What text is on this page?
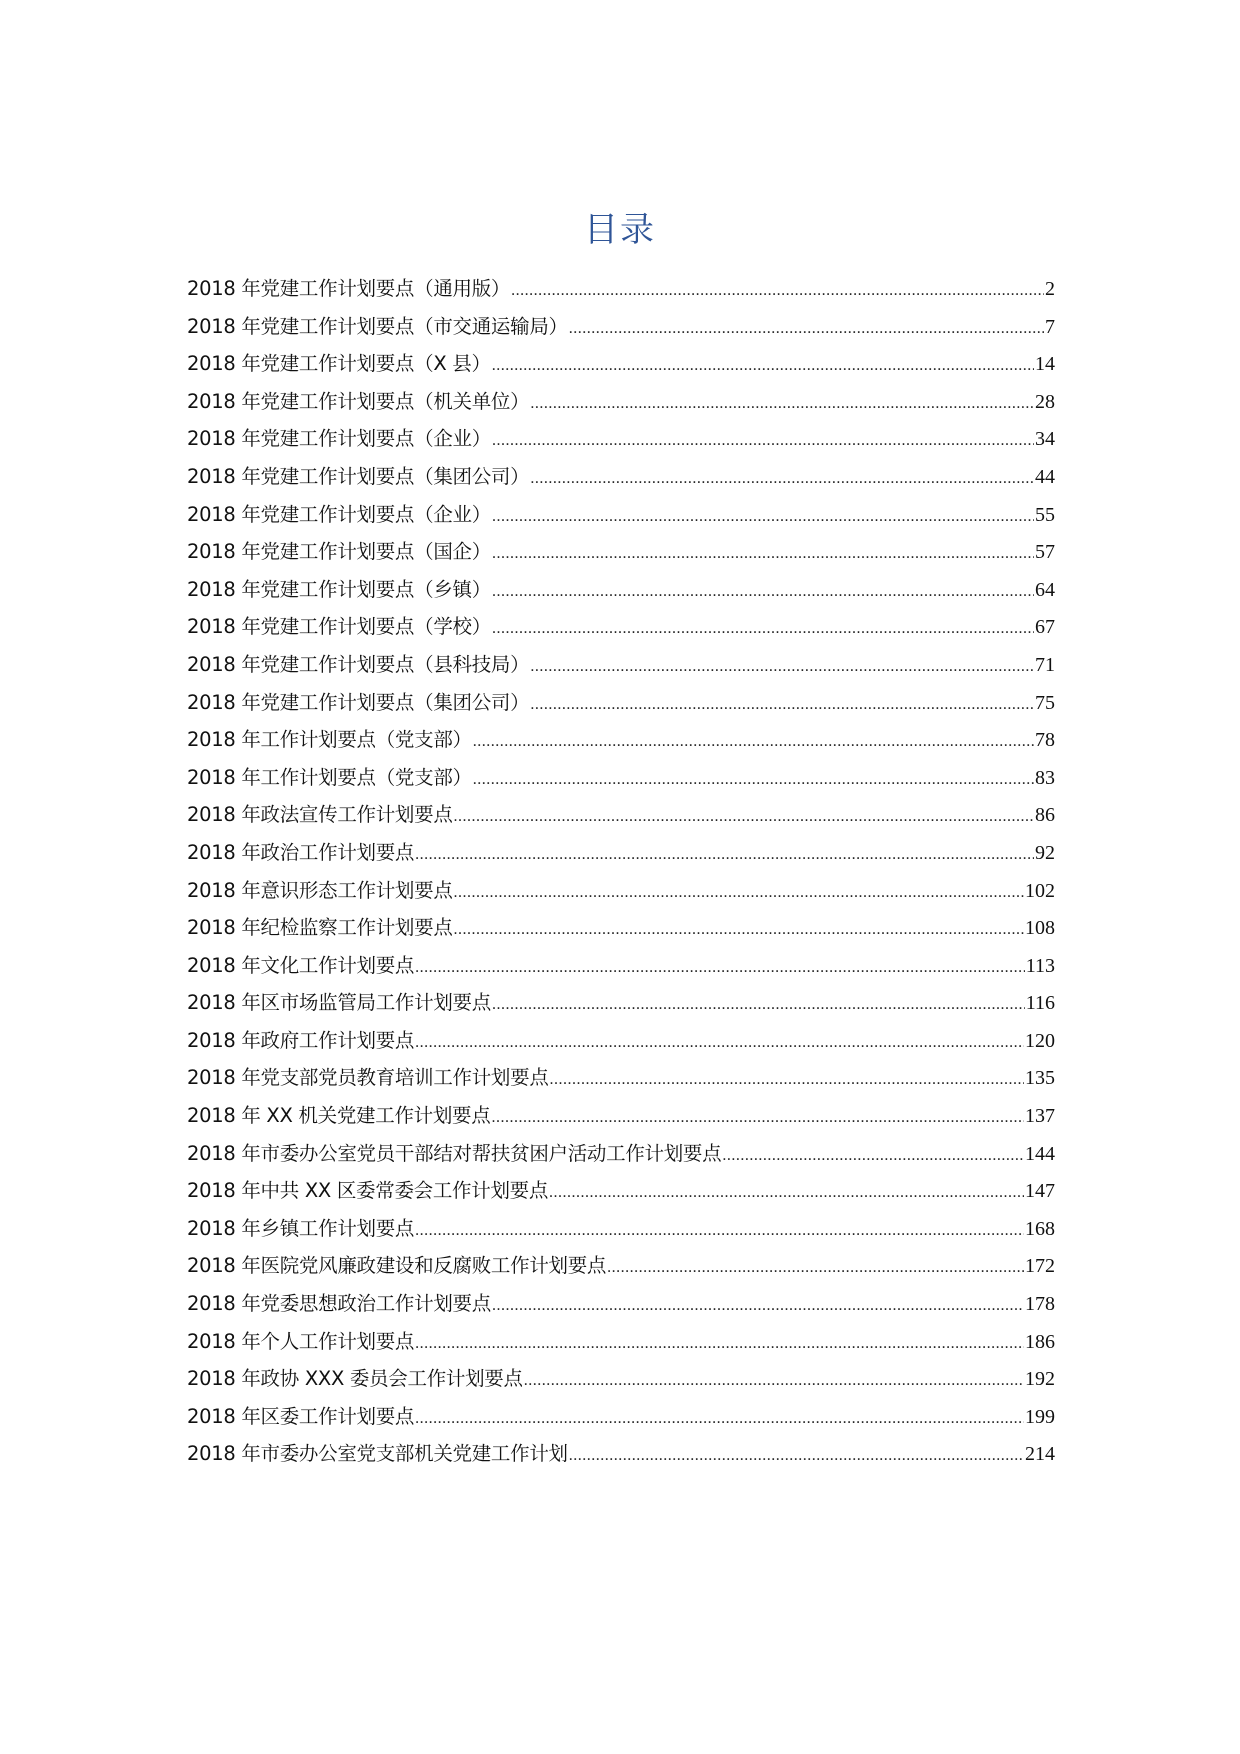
目录
2018 年党建工作计划要点（通用版） .....	2
2018 年党建工作计划要点（市交通运输局） .....	7
2018 年党建工作计划要点（X 县） .....	14
2018 年党建工作计划要点（机关单位） .....	28
2018 年党建工作计划要点（企业） .....	34
2018 年党建工作计划要点（集团公司） .....	44
2018 年党建工作计划要点（企业） .....	55
2018 年党建工作计划要点（国企） .....	57
2018 年党建工作计划要点（乡镇） .....	64
2018 年党建工作计划要点（学校） .....	67
2018 年党建工作计划要点（县科技局） .....	71
2018 年党建工作计划要点（集团公司） .....	75
2018 年工作计划要点（党支部） .....	78
2018 年工作计划要点（党支部） .....	83
2018 年政法宣传工作计划要点 .....	86
2018 年政治工作计划要点 .....	92
2018 年意识形态工作计划要点 .....	102
2018 年纪检监察工作计划要点 .....	108
2018 年文化工作计划要点 .....	113
2018 年区市场监管局工作计划要点 .....	116
2018 年政府工作计划要点 .....	120
2018 年党支部党员教育培训工作计划要点 .....	135
2018 年 XX 机关党建工作计划要点 .....	137
2018 年市委办公室党员干部结对帮扶贫困户活动工作计划要点 .....	144
2018 年中共 XX 区委常委会工作计划要点 .....	147
2018 年乡镇工作计划要点 .....	168
2018 年医院党风廉政建设和反腐败工作计划要点 .....	172
2018 年党委思想政治工作计划要点 .....	178
2018 年个人工作计划要点 .....	186
2018 年政协 XXX 委员会工作计划要点 .....	192
2018 年区委工作计划要点 .....	199
2018 年市委办公室党支部机关党建工作计划 .....	214
